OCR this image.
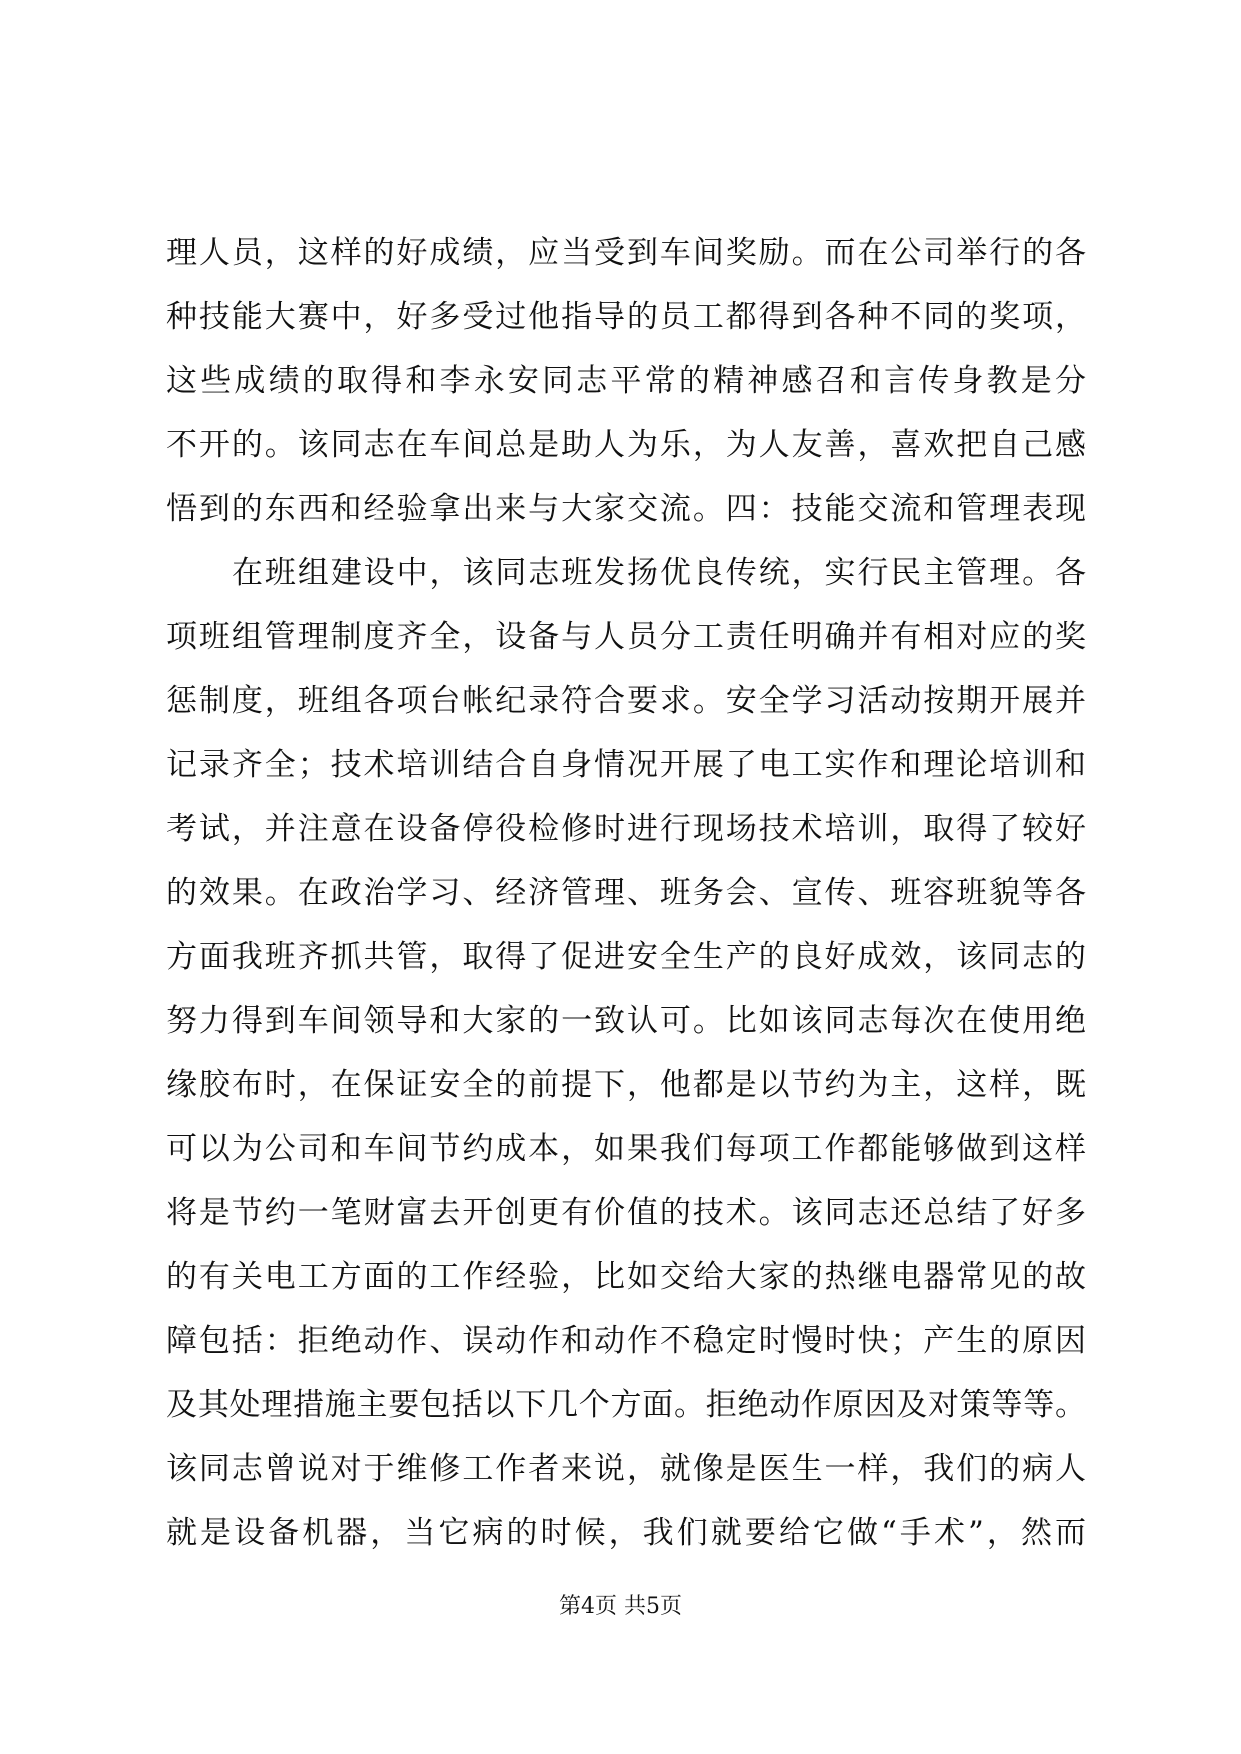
理人员，这样的好成绩，应当受到车间奖励。而在公司举行的各
种技能大赛中，好多受过他指导的员工都得到各种不同的奖项，
这些成绩的取得和李永安同志平常的精神感召和言传身教是分
不开的。该同志在车间总是助人为乐，为人友善，喜欢把自己感
悟到的东西和经验拿出来与大家交流。四：技能交流和管理表现
在班组建设中，该同志班发扬优良传统，实行民主管理。各
项班组管理制度齐全，设备与人员分工责任明确并有相对应的奖
惩制度，班组各项台帐纪录符合要求。安全学习活动按期开展并
记录齐全；技术培训结合自身情况开展了电工实作和理论培训和
考试，并注意在设备停役检修时进行现场技术培训，取得了较好
的效果。在政治学习、经济管理、班务会、宣传、班容班貌等各
方面我班齐抓共管，取得了促进安全生产的良好成效，该同志的
努力得到车间领导和大家的一致认可。比如该同志每次在使用绝
缘胶布时，在保证安全的前提下，他都是以节约为主，这样，既
可以为公司和车间节约成本，如果我们每项工作都能够做到这样
将是节约一笔财富去开创更有价值的技术。该同志还总结了好多
的有关电工方面的工作经验，比如交给大家的热继电器常见的故
障包括：拒绝动作、误动作和动作不稳定时慢时快；产生的原因
及其处理措施主要包括以下几个方面。拒绝动作原因及对策等等。
该同志曾说对于维修工作者来说，就像是医生一样，我们的病人
就是设备机器，当它病的时候，我们就要给它做“手术”，然而
第4页 共5页
